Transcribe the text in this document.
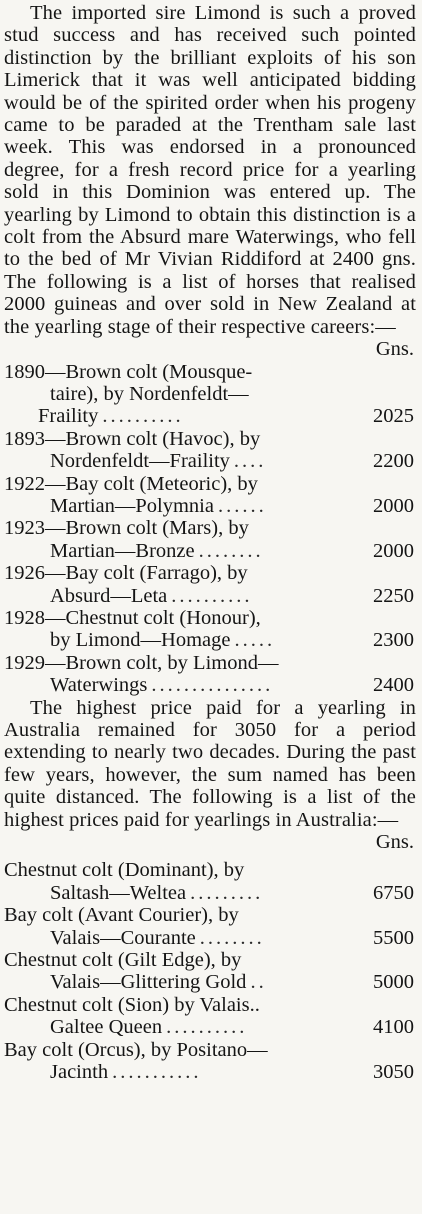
The imported sire Limond is such a proved stud success and has received such pointed distinction by the brilliant exploits of his son Limerick that it was well anticipated bidding would be of the spirited order when his progeny came to be paraded at the Trentham sale last week. This was endorsed in a pronounced degree, for a fresh record price for a yearling sold in this Dominion was entered up. The yearling by Limond to obtain this distinction is a colt from the Absurd mare Waterwings, who fell to the bed of Mr Vivian Riddiford at 2400 gns. The following is a list of horses that realised 2000 guineas and over sold in New Zealand at the yearling stage of their respective careers:—

Gns.

1890—Brown colt (Mousque-
taire), by Nordenfeldt—
Fraility ..........	2025
1893—Brown colt (Havoc), by
Nordenfeldt—Fraility ....	2200
1922—Bay colt (Meteoric), by
Martian—Polymnia ......	2000
1923—Brown colt (Mars), by
Martian—Bronze ........	2000
1926—Bay colt (Farrago), by
Absurd—Leta ..........	2250
1928—Chestnut colt (Honour),
by Limond—Homage .....	2300
1929—Brown colt, by Limond—
Waterwings ...............	2400

The highest price paid for a yearling in Australia remained for 3050 for a period extending to nearly two decades. During the past few years, however, the sum named has been quite distanced. The following is a list of the highest prices paid for yearlings in Australia:—

Gns.

Chestnut colt (Dominant), by
Saltash—Weltea .........	6750
Bay colt (Avant Courier), by
Valais—Courante ........	5500
Chestnut colt (Gilt Edge), by
Valais—Glittering Gold ..	5000
Chestnut colt (Sion) by Valais..
Galtee Queen ..........	4100
Bay colt (Orcus), by Positano—
Jacinth ...........	3050
